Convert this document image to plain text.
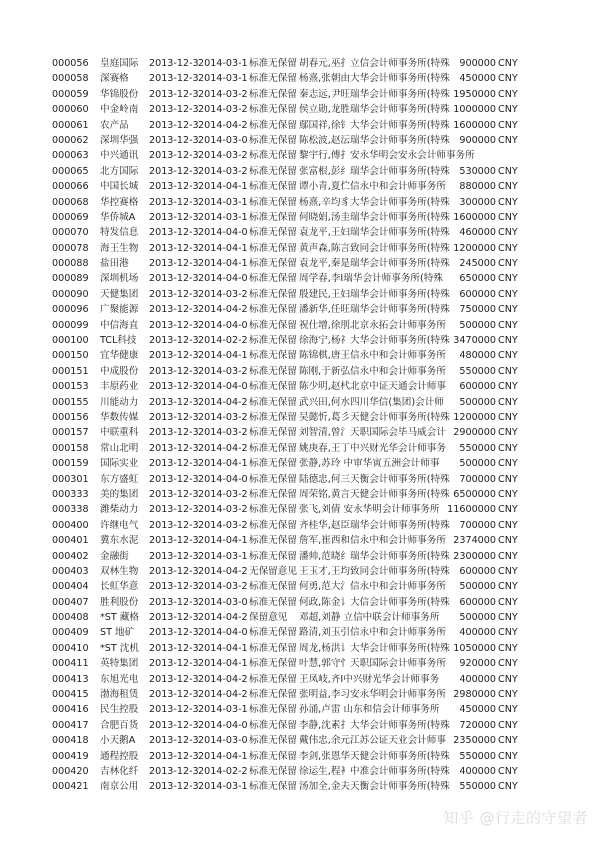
000056	皇庭国际	2013-12-3 2014-03-1 标准无保留 胡春元,巫扌立信会计师事务所(特殊	900000 CNY
000058	深赛格	2013-12-3 2014-03-1 标准无保留 杨熹,张朝由大华会计师事务所(特殊	450000 CNY
000059	华锦股份	2013-12-3 2014-03-2 标准无保留 秦志远,尹旺瑞华会计师事务所(特殊 1950000 CNY
000060	中金岭南	2013-12-3 2014-03-2 标准无保留 侯立勋,龙胜瑞华会计师事务所(特殊 1000000 CNY
000061	农产品	2013-12-3 2014-04-2 标准无保留 鄢国祥,徐钅大华会计师事务所(特殊 1600000 CNY
000062	深圳华强	2013-12-3 2014-03-0 标准无保留 陈松波,赵沄瑞华会计师事务所(特殊	900000 CNY
000063	中兴通讯	2013-12-3 2014-03-2 标准无保留 黎宇行,傅扌安永华明会安永会计师事务所
000065	北方国际	2013-12-3 2014-03-2 标准无保留 张富根,彭纟瑞华会计师事务所(特殊	530000 CNY
000066	中国长城	2013-12-3 2014-04-1 标准无保留 谭小青,夏伫信永中和会计师事务所	880000 CNY
000068	华控赛格	2013-12-3 2014-03-1 标准无保留 杨熹,辛均豸大华会计师事务所(特殊	300000 CNY
000069	华侨城A	2013-12-3 2014-03-1 标准无保留 何晓娟,汤圭瑞华会计师事务所(特殊 1600000 CNY
000070	特发信息	2013-12-3 2014-04-0 标准无保留 袁龙平,王妇瑞华会计师事务所(特殊	460000 CNY
000078	海王生物	2013-12-3 2014-04-1 标准无保留 黄声森,陈言致同会计师事务所(特殊 1200000 CNY
000088	盐田港	2013-12-3 2014-04-1 标准无保留 袁龙平,秦是瑞华会计师事务所(特殊	245000 CNY
000089	深圳机场	2013-12-3 2014-04-0 标准无保留 周学春,李I瑞华会计师事务所(特殊	650000 CNY
000090	天健集团	2013-12-3 2014-03-2 标准无保留 殷建民,王妇瑞华会计师事务所(特殊	600000 CNY
000096	广聚能源	2013-12-3 2014-04-2 标准无保留 潘新华,任旺瑞华会计师事务所(特殊	750000 CNY
000099	中信海直	2013-12-3 2014-04-0 标准无保留 祝仕增,徐刖北京永拓会计师事务所	500000 CNY
000100	TCL科技	2013-12-3 2014-02-2 标准无保留 徐海宁,杨礻大华会计师事务所(特殊 3470000 CNY
000150	宜华健康	2013-12-3 2014-04-1 标准无保留 陈锦棋,唐王信永中和会计师事务所	480000 CNY
000151	中成股份	2013-12-3 2014-03-2 标准无保留 陈刚,于新弘信永中和会计师事务所	550000 CNY
000153	丰原药业	2013-12-3 2014-04-0 标准无保留 陈少明,赵杙北京中证天通会计师事	600000 CNY
000155	川能动力	2013-12-3 2014-04-2 标准无保留 武兴田,何水四川华信(集团)会计师	500000 CNY
000156	华数传媒	2013-12-3 2014-03-2 标准无保留 吴懿忻,葛彡天健会计师事务所(特殊 1200000 CNY
000157	中联重科	2013-12-3 2014-03-2 标准无保留 刘智清,曾氵天职国际会毕马威会计 2900000 CNY
000158	常山北明	2013-12-3 2014-04-2 标准无保留 姚庚春,王丁中兴财光华会计师事务	550000 CNY
000159	国际实业	2013-12-3 2014-04-1 标准无保留 张静,苏玲 中审华寅五洲会计师事	500000 CNY
000301	东方盛虹	2013-12-3 2014-04-0 标准无保留 陆德忠,何三天衡会计师事务所(特殊	700000 CNY
000333	美的集团	2013-12-3 2014-03-2 标准无保留 周荣铭,黄言天健会计师事务所(特殊 6500000 CNY
000338	潍柴动力	2013-12-3 2014-03-2 标准无保留 张飞,刘倩 安永华明会计师事务所 11600000 CNY
000400	许继电气	2013-12-3 2014-03-2 标准无保留 齐桂华,赵臣瑞华会计师事务所(特殊	700000 CNY
000401	冀东水泥	2013-12-3 2014-04-1 标准无保留 詹军,崔西和信永中和会计师事务所 2374000 CNY
000402	金融街	2013-12-3 2014-03-1 标准无保留 潘帅,范晓纟瑞华会计师事务所(特殊 2300000 CNY
000403	双林生物	2013-12-3 2014-04-2 无保留意见 王玉才,王均致同会计师事务所(特殊	600000 CNY
000404	长虹华意	2013-12-3 2014-03-2 标准无保留 何勇,范大氵信永中和会计师事务所	500000 CNY
000407	胜利股份	2013-12-3 2014-03-0 标准无保留 何政,陈金讠大信会计师事务所(特殊	600000 CNY
000408	*ST 藏格	2013-12-3 2014-04-2 保留意见	邓超,刘静 立信中联会计师事务所	500000 CNY
000409	ST 地矿	2013-12-3 2014-04-0 标准无保留 路清,刘玉引信永中和会计师事务所	400000 CNY
000410	*ST 沈机	2013-12-3 2014-04-1 标准无保留 周龙,杨洪讠大华会计师事务所(特殊 1050000 CNY
000411	英特集团	2013-12-3 2014-04-1 标准无保留 叶慧,郭守忄天职国际会计师事务所	920000 CNY
000413	东旭光电	2013-12-3 2014-04-2 标准无保留 王凤岐,齐I中兴财光华会计师事务	400000 CNY
000415	渤海租赁	2013-12-3 2014-04-2 标准无保留 张明益,李习安永华明会计师事务所 2980000 CNY
000416	民生控股	2013-12-3 2014-03-1 标准无保留 孙涌,卢雷 山东和信会计师事务所	450000 CNY
000417	合肥百货	2013-12-3 2014-04-0 标准无保留 李静,沈素扌大华会计师事务所(特殊	720000 CNY
000418	小天鹅A	2013-12-3 2014-03-0 标准无保留 戴伟忠,余元江苏公证天业会计师事 2350000 CNY
000419	通程控股	2013-12-3 2014-04-1 标准无保留 李剑,张恩华天健会计师事务所(特殊	550000 CNY
000420	吉林化纤	2013-12-3 2014-02-2 标准无保留 徐运生,程衤中准会计师事务所(特殊	400000 CNY
000421	南京公用	2013-12-3 2014-03-1 标准无保留 汤加全,金夫天衡会计师事务所(特殊	550000 CNY
知乎 @行走的守望者
